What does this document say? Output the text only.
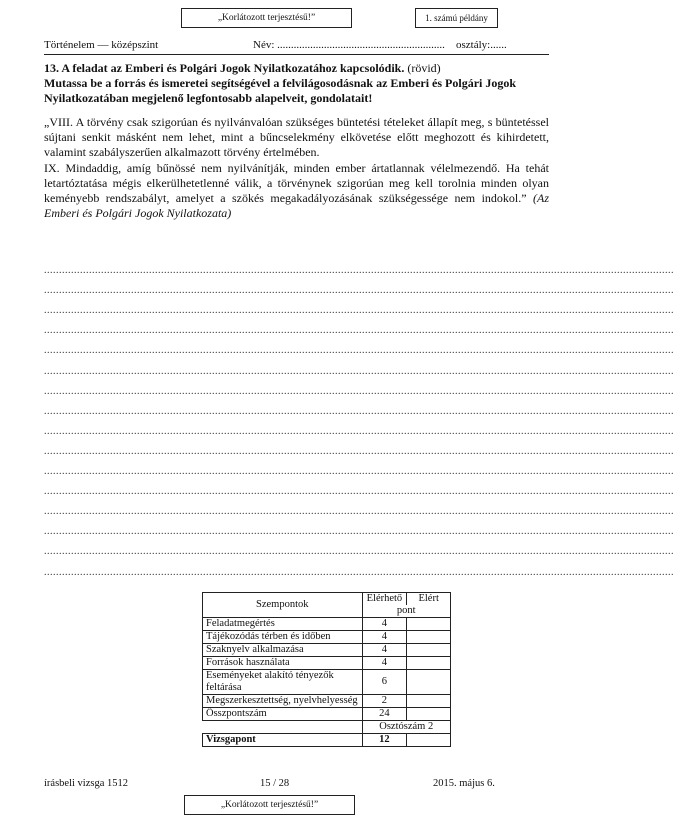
„Korlátozott terjesztésű!”	1. számú példány
Történelem — középszint	Név: ............................................................. osztály:......
13. A feladat az Emberi és Polgári Jogok Nyilatkozatához kapcsolódik. (rövid)
Mutassa be a forrás és ismeretei segítségével a felvilágosodásnak az Emberi és Polgári Jogok Nyilatkozatában megjelenő legfontosabb alapelveit, gondolatait!

„VIII. A törvény csak szigorúan és nyilvánvalóan szükséges büntetési tételeket állapít meg, s büntetéssel sújtani senkit másként nem lehet, mint a bűncselekmény elkövetése előtt meghozott és kihirdetett, valamint szabályszerűen alkalmazott törvény értelmében.

IX. Mindaddig, amíg bűnössé nem nyilvánítják, minden ember ártatlannak vélelmezendő. Ha tehát letartóztatása mégis elkerülhetetlenné válik, a törvénynek szigorúan meg kell torolnia minden olyan keményebb rendszabályt, amelyet a szökés megakadályozásának szükségessége nem indokol.” (Az Emberi és Polgári Jogok Nyilatkozata)

..................................................................................................................................................................................................................
..................................................................................................................................................................................................................
..................................................................................................................................................................................................................
..................................................................................................................................................................................................................
..................................................................................................................................................................................................................
..................................................................................................................................................................................................................
..................................................................................................................................................................................................................
..................................................................................................................................................................................................................
..................................................................................................................................................................................................................
..................................................................................................................................................................................................................
..................................................................................................................................................................................................................
..................................................................................................................................................................................................................
..................................................................................................................................................................................................................
..................................................................................................................................................................................................................
..................................................................................................................................................................................................................
..................................................................................................................................................................................................................
Szempontok	Elérhető	Elért
	pont	
Feladatmegértés	4	
Tájékozódás térben és időben	4	
Szaknyelv alkalmazása	4	
Források használata	4	
Eseményeket alakító tényezők feltárása	6	
Megszerkesztettség, nyelvhelyesség	2	
Összpontszám	24	
	Osztószám 2	
Vizsgapont	12	
írásbeli vizsga 1512	15 / 28	2015. május 6.
„Korlátozott terjesztésű!”
